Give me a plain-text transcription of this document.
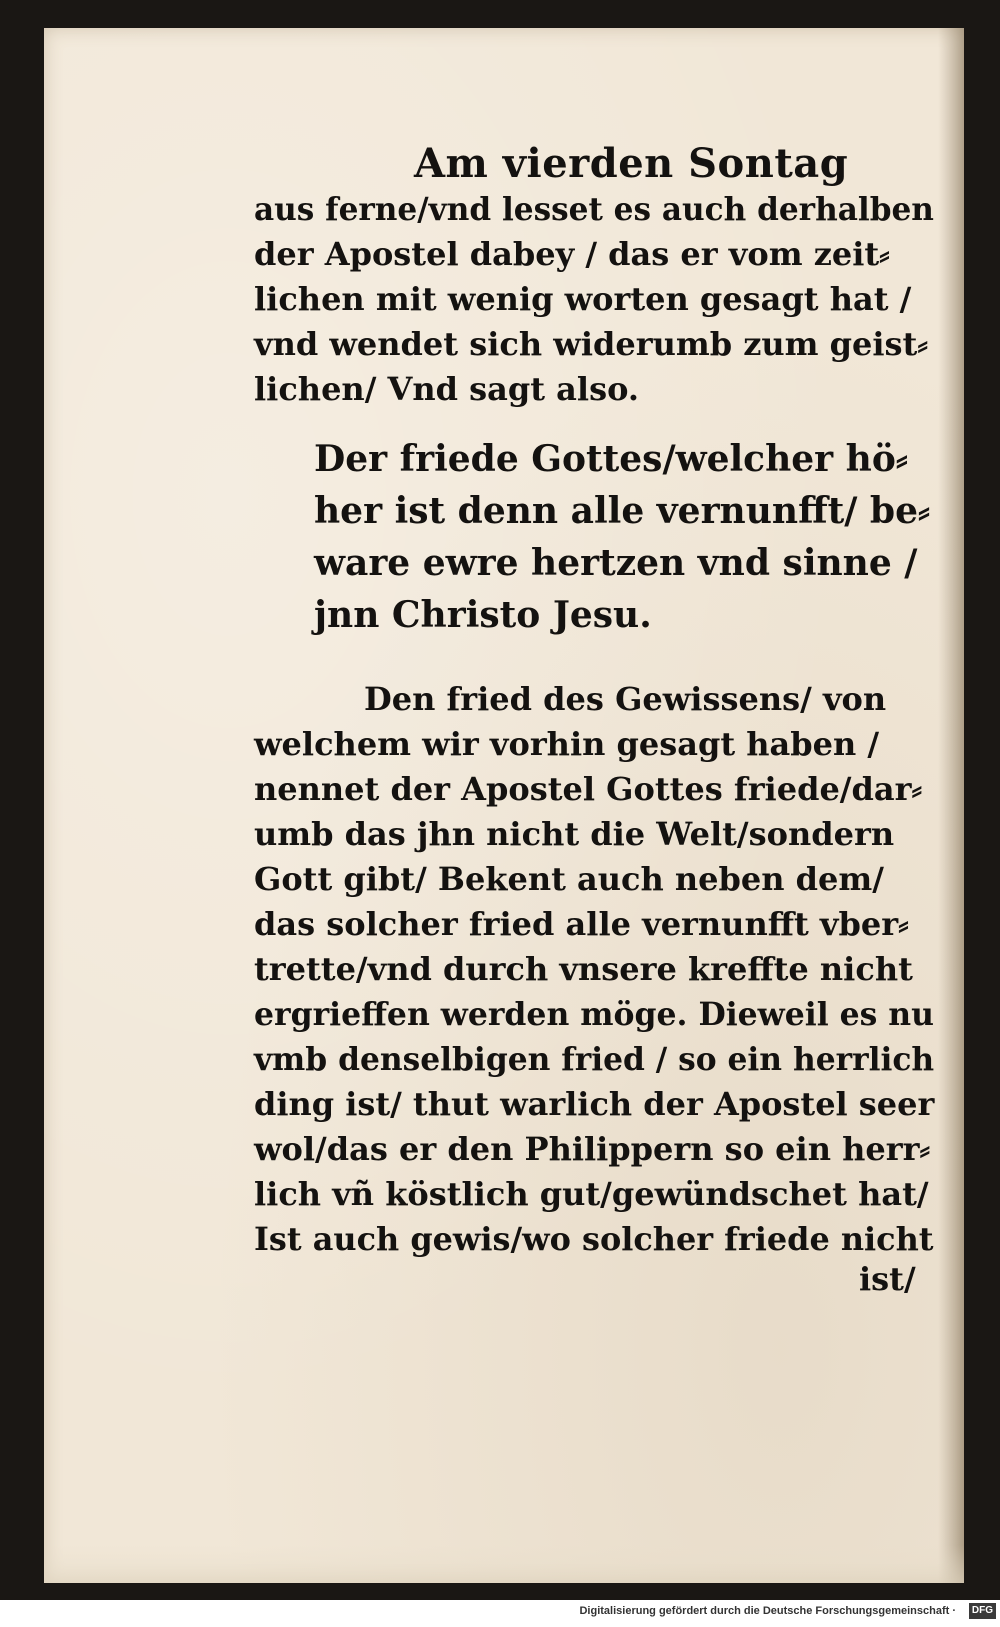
Am vierden Sontag
aus ferne/vnd lesset es auch derhalben
der Apostel dabey / das er vom zeit⸗
lichen mit wenig worten gesagt hat /
vnd wendet sich widerumb zum geist⸗
lichen/ Vnd sagt also.
Der friede Gottes/welcher hö⸗
her ist denn alle vernunfft/ be⸗
ware ewre hertzen vnd sinne /
jnn Christo Jesu.
Den fried des Gewissens/ von
welchem wir vorhin gesagt haben /
nennet der Apostel Gottes friede/dar⸗
umb das jhn nicht die Welt/sondern
Gott gibt/ Bekent auch neben dem/
das solcher fried alle vernunfft vber⸗
trette/vnd durch vnsere kreffte nicht
ergrieffen werden möge. Dieweil es nu
vmb denselbigen fried / so ein herrlich
ding ist/ thut warlich der Apostel seer
wol/das er den Philippern so ein herr⸗
lich vñ köstlich gut/gewündschet hat/
Ist auch gewis/wo solcher friede nicht
ist/
Digitalisierung gefördert durch die Deutsche Forschungsgemeinschaft ·	DFG
